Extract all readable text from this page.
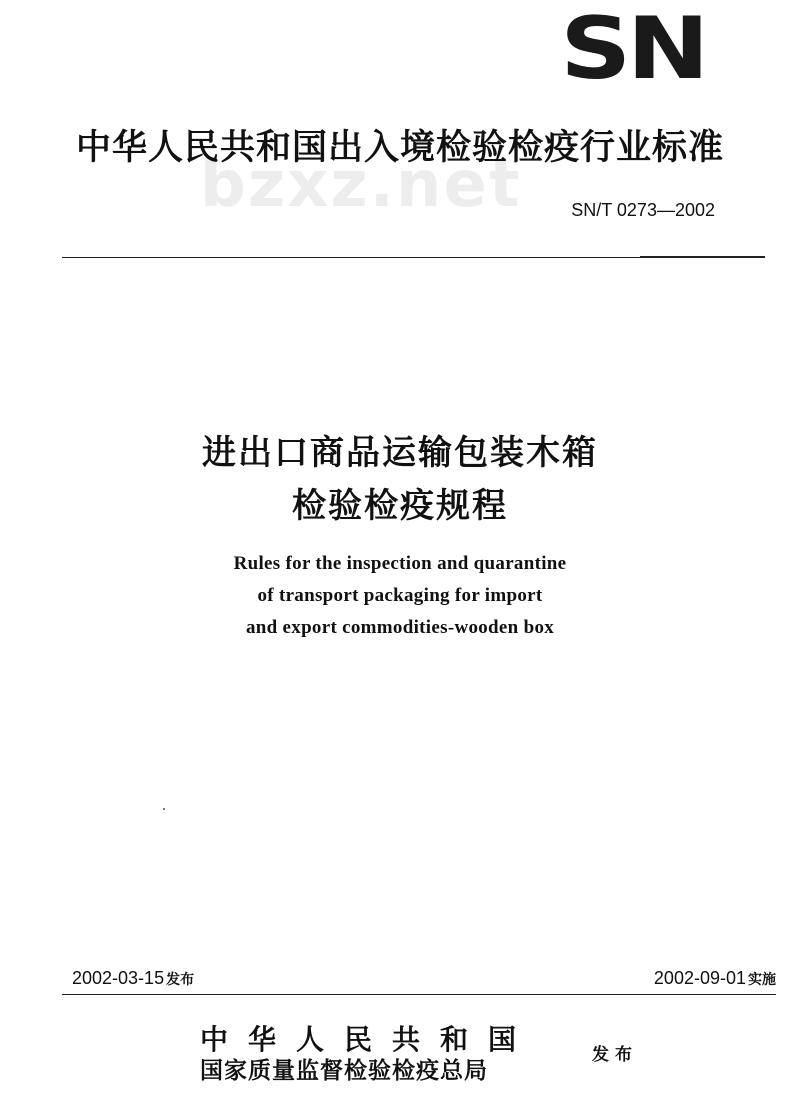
SN
中华人民共和国出入境检验检疫行业标准
bzxz.net	SN/T 0273—2002
进出口商品运输包装木箱
检验检疫规程
Rules for the inspection and quarantine
of transport packaging for import
and export commodities-wooden box
2002-03-15 发布	2002-09-01 实施
中华人民共和国
国家质量监督检验检疫总局
发布
